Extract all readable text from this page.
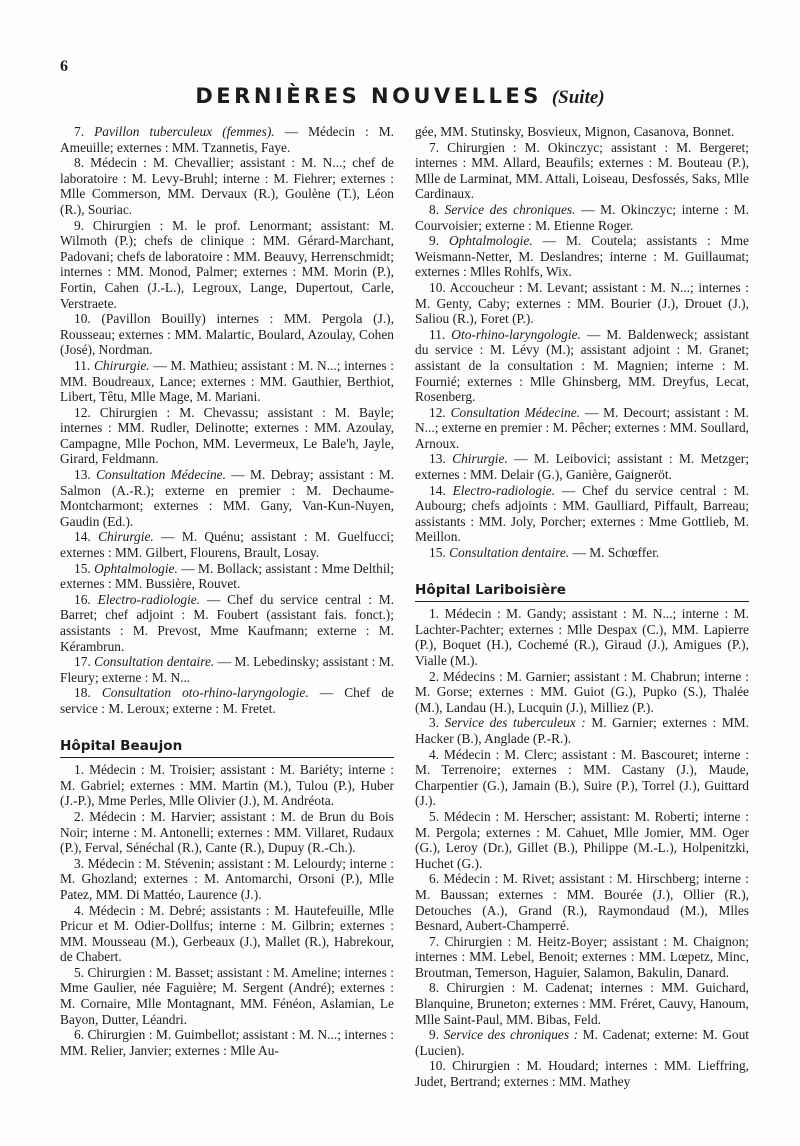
6
DERNIÈRES NOUVELLES (Suite)

7. Pavillon tuberculeux (femmes). — Médecin : M. Ameuille; externes : MM. Tzannetis, Faye.

8. Médecin : M. Chevallier; assistant : M. N...; chef de laboratoire : M. Levy-Bruhl; interne : M. Fiehrer; externes : Mlle Commerson, MM. Dervaux (R.), Goulène (T.), Léon (R.), Souriac.

9. Chirurgien : M. le prof. Lenormant; assistant: M. Wilmoth (P.); chefs de clinique : MM. Gérard-Marchant, Padovani; chefs de laboratoire : MM. Beauvy, Herrenschmidt; internes : MM. Monod, Palmer; externes : MM. Morin (P.), Fortin, Cahen (J.-L.), Legroux, Lange, Dupertout, Carle, Verstraete.

10. (Pavillon Bouilly) internes : MM. Pergola (J.), Rousseau; externes : MM. Malartic, Boulard, Azoulay, Cohen (José), Nordman.

11. Chirurgie. — M. Mathieu; assistant : M. N...; internes : MM. Boudreaux, Lance; externes : MM. Gauthier, Berthiot, Libert, Têtu, Mlle Mage, M. Mariani.

12. Chirurgien : M. Chevassu; assistant : M. Bayle; internes : MM. Rudler, Delinotte; externes : MM. Azoulay, Campagne, Mlle Pochon, MM. Levermeux, Le Bale'h, Jayle, Girard, Feldmann.

13. Consultation Médecine. — M. Debray; assistant : M. Salmon (A.-R.); externe en premier : M. Dechaume-Montcharmont; externes : MM. Gany, Van-Kun-Nuyen, Gaudin (Ed.).

14. Chirurgie. — M. Quénu; assistant : M. Guelfucci; externes : MM. Gilbert, Flourens, Brault, Losay.

15. Ophtalmologie. — M. Bollack; assistant : Mme Delthil; externes : MM. Bussière, Rouvet.

16. Electro-radiologie. — Chef du service central : M. Barret; chef adjoint : M. Foubert (assistant fais. fonct.); assistants : M. Prevost, Mme Kaufmann; externe : M. Kérambrun.

17. Consultation dentaire. — M. Lebedinsky; assistant : M. Fleury; externe : M. N...

18. Consultation oto-rhino-laryngologie. — Chef de service : M. Leroux; externe : M. Fretet.

Hôpital Beaujon

1. Médecin : M. Troisier; assistant : M. Bariéty; interne : M. Gabriel; externes : MM. Martin (M.), Tulou (P.), Huber (J.-P.), Mme Perles, Mlle Olivier (J.), M. Andréota.

2. Médecin : M. Harvier; assistant : M. de Brun du Bois Noir; interne : M. Antonelli; externes : MM. Villaret, Rudaux (P.), Ferval, Sénéchal (R.), Cante (R.), Dupuy (R.-Ch.).

3. Médecin : M. Stévenin; assistant : M. Lelourdy; interne : M. Ghozland; externes : M. Antomarchi, Orsoni (P.), Mlle Patez, MM. Di Mattéo, Laurence (J.).

4. Médecin : M. Debré; assistants : M. Hautefeuille, Mlle Pricur et M. Odier-Dollfus; interne : M. Gilbrin; externes : MM. Mousseau (M.), Gerbeaux (J.), Mallet (R.), Habrekour, de Chabert.

5. Chirurgien : M. Basset; assistant : M. Ameline; internes : Mme Gaulier, née Faguière; M. Sergent (André); externes : M. Cornaire, Mlle Montagnant, MM. Fénéon, Aslamian, Le Bayon, Dutter, Léandri.

6. Chirurgien : M. Guimbellot; assistant : M. N...; internes : MM. Relier, Janvier; externes : Mlle Au-

gée, MM. Stutinsky, Bosvieux, Mignon, Casanova, Bonnet.

7. Chirurgien : M. Okinczyc; assistant : M. Bergeret; internes : MM. Allard, Beaufils; externes : M. Bouteau (P.), Mlle de Larminat, MM. Attali, Loiseau, Desfossés, Saks, Mlle Cardinaux.

8. Service des chroniques. — M. Okinczyc; interne : M. Courvoisier; externe : M. Etienne Roger.

9. Ophtalmologie. — M. Coutela; assistants : Mme Weismann-Netter, M. Deslandres; interne : M. Guillaumat; externes : Mlles Rohlfs, Wix.

10. Accoucheur : M. Levant; assistant : M. N...; internes : M. Genty, Caby; externes : MM. Bourier (J.), Drouet (J.), Saliou (R.), Foret (P.).

11. Oto-rhino-laryngologie. — M. Baldenweck; assistant du service : M. Lévy (M.); assistant adjoint : M. Granet; assistant de la consultation : M. Magnien; interne : M. Fournié; externes : Mlle Ghinsberg, MM. Dreyfus, Lecat, Rosenberg.

12. Consultation Médecine. — M. Decourt; assistant : M. N...; externe en premier : M. Pêcher; externes : MM. Soullard, Arnoux.

13. Chirurgie. — M. Leibovici; assistant : M. Metzger; externes : MM. Delair (G.), Ganière, Gaigneröt.

14. Electro-radiologie. — Chef du service central : M. Aubourg; chefs adjoints : MM. Gaulliard, Piffault, Barreau; assistants : MM. Joly, Porcher; externes : Mme Gottlieb, M. Meillon.

15. Consultation dentaire. — M. Schœffer.

Hôpital Lariboisière

1. Médecin : M. Gandy; assistant : M. N...; interne : M. Lachter-Pachter; externes : Mlle Despax (C.), MM. Lapierre (P.), Boquet (H.), Cochemé (R.), Giraud (J.), Amigues (P.), Vialle (M.).

2. Médecins : M. Garnier; assistant : M. Chabrun; interne : M. Gorse; externes : MM. Guiot (G.), Pupko (S.), Thalée (M.), Landau (H.), Lucquin (J.), Milliez (P.).

3. Service des tuberculeux : M. Garnier; externes : MM. Hacker (B.), Anglade (P.-R.).

4. Médecin : M. Clerc; assistant : M. Bascouret; interne : M. Terrenoire; externes : MM. Castany (J.), Maude, Charpentier (G.), Jamain (B.), Suire (P.), Torrel (J.), Guittard (J.).

5. Médecin : M. Herscher; assistant: M. Roberti; interne : M. Pergola; externes : M. Cahuet, Mlle Jomier, MM. Oger (G.), Leroy (Dr.), Gillet (B.), Philippe (M.-L.), Holpenitzki, Huchet (G.).

6. Médecin : M. Rivet; assistant : M. Hirschberg; interne : M. Baussan; externes : MM. Bourée (J.), Ollier (R.), Detouches (A.), Grand (R.), Raymondaud (M.), Mlles Besnard, Aubert-Champerré.

7. Chirurgien : M. Heitz-Boyer; assistant : M. Chaignon; internes : MM. Lebel, Benoit; externes : MM. Lœpetz, Minc, Broutman, Temerson, Haguier, Salamon, Bakulin, Danard.

8. Chirurgien : M. Cadenat; internes : MM. Guichard, Blanquine, Bruneton; externes : MM. Fréret, Cauvy, Hanoum, Mlle Saint-Paul, MM. Bibas, Feld.

9. Service des chroniques : M. Cadenat; externe: M. Gout (Lucien).

10. Chirurgien : M. Houdard; internes : MM. Lieffring, Judet, Bertrand; externes : MM. Mathey
